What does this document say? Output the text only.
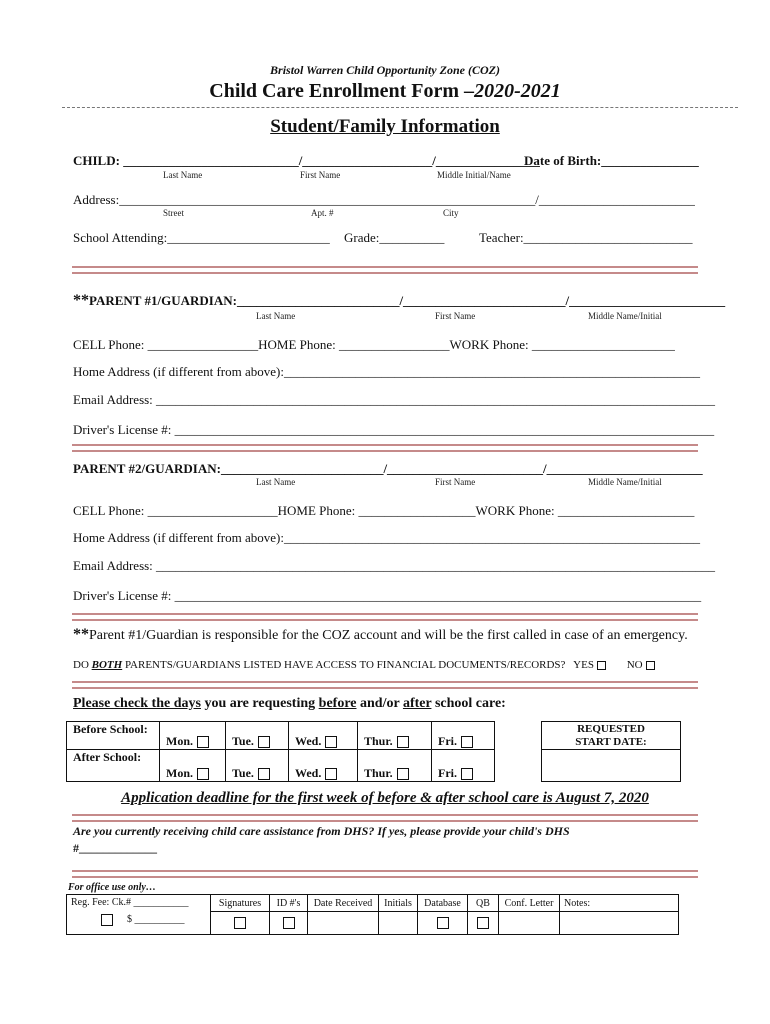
Bristol Warren Child Opportunity Zone (COZ)
Child Care Enrollment Form –2020-2021
Student/Family Information
CHILD: ___________________________/____________________/________________
Date of Birth:_______________
Last Name	First Name	Middle Initial/Name
Address:________________________________________________________________/________________________
Street	Apt. #	City
School Attending:_________________________ Grade:__________	Teacher:__________________________
**PARENT #1/GUARDIAN:_________________________/_________________________/________________________
Last Name	First Name	Middle Name/Initial
CELL Phone: _________________HOME Phone: _________________WORK Phone: ______________________
Home Address (if different from above):________________________________________________________________
Email Address: ______________________________________________________________________________________
Driver's License #: ___________________________________________________________________________________
PARENT #2/GUARDIAN:_________________________/________________________/________________________
Last Name	First Name	Middle Name/Initial
CELL Phone: ____________________HOME Phone: __________________WORK Phone: _____________________
Home Address (if different from above):________________________________________________________________
Email Address: ______________________________________________________________________________________
Driver's License #: _________________________________________________________________________________
**Parent #1/Guardian is responsible for the COZ account and will be the first called in case of an emergency.
DO BOTH PARENTS/GUARDIANS LISTED HAVE ACCESS TO FINANCIAL DOCUMENTS/RECORDS? YES	NO
Please check the days you are requesting before and/or after school care:
Before School:	Mon.	Tue.	Wed.	Thur.	Fri.		REQUESTED
START DATE:

After School:	Mon.	Tue.	Wed.	Thur.	Fri.		
Application deadline for the first week of before & after school care is August 7, 2020
Are you currently receiving child care assistance from DHS? If yes, please provide your child's DHS
#_____________
For office use only…
Reg. Fee: Ck.# ___________
$ __________	Signatures	ID #'s	Date Received	Initials	Database	QB	Conf. Letter	Notes:
